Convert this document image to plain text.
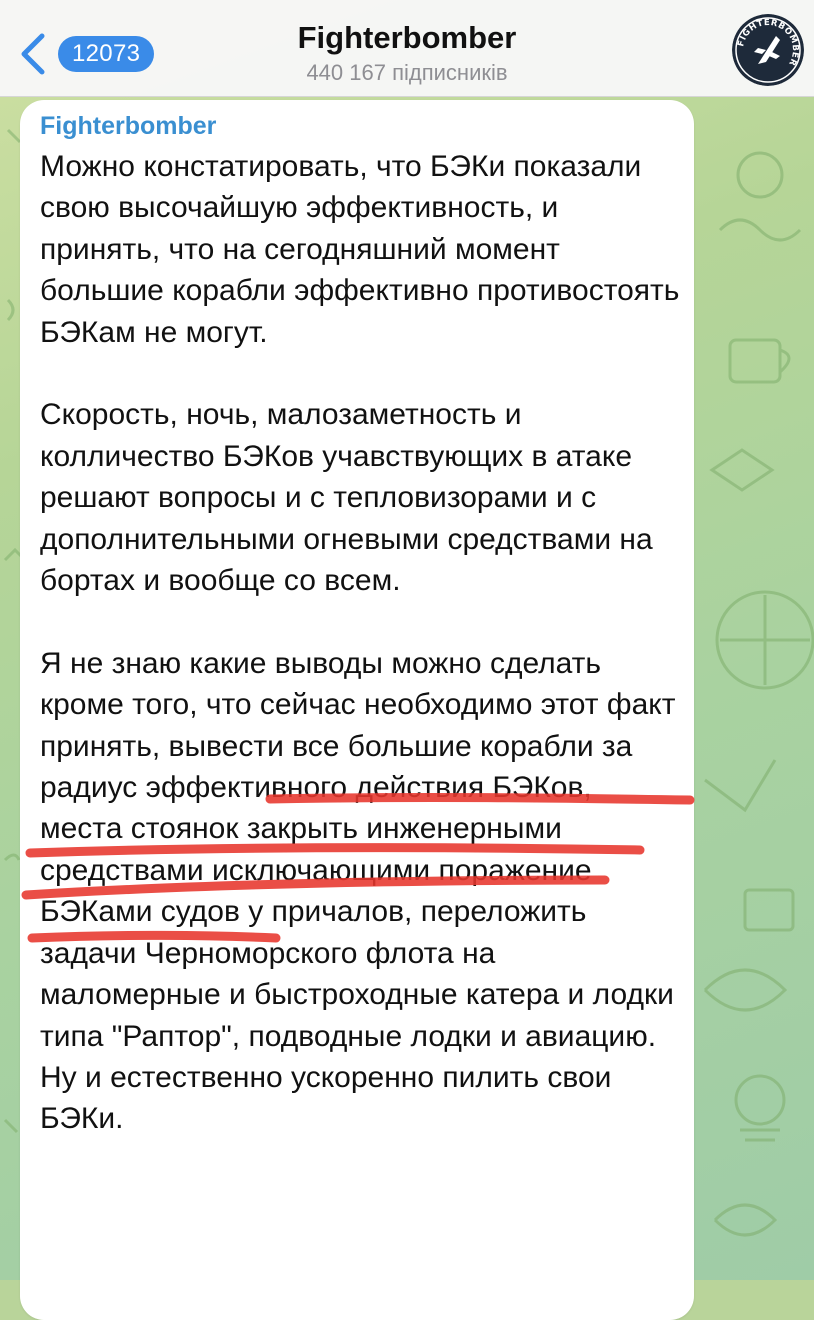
12073	Fighterbomber
440 167 підписників
FIGHTERBOMBER
Fighterbomber

Можно констатировать, что БЭКи показали свою высочайшую эффективность, и принять, что на сегодняшний момент большие корабли эффективно противостоять БЭКам не могут.

Скорость, ночь, малозаметность и колличество БЭКов учавствующих в атаке решают вопросы и с тепловизорами и с дополнительными огневыми средствами на бортах и вообще со всем.

Я не знаю какие выводы можно сделать кроме того, что сейчас необходимо этот факт принять, вывести все большие корабли за радиус эффективного действия БЭКов, места стоянок закрыть инженерными средствами исключающими поражение БЭКами судов у причалов, переложить задачи Черноморского флота на маломерные и быстроходные катера и лодки типа "Раптор", подводные лодки и авиацию.

Ну и естественно ускоренно пилить свои БЭКи.
